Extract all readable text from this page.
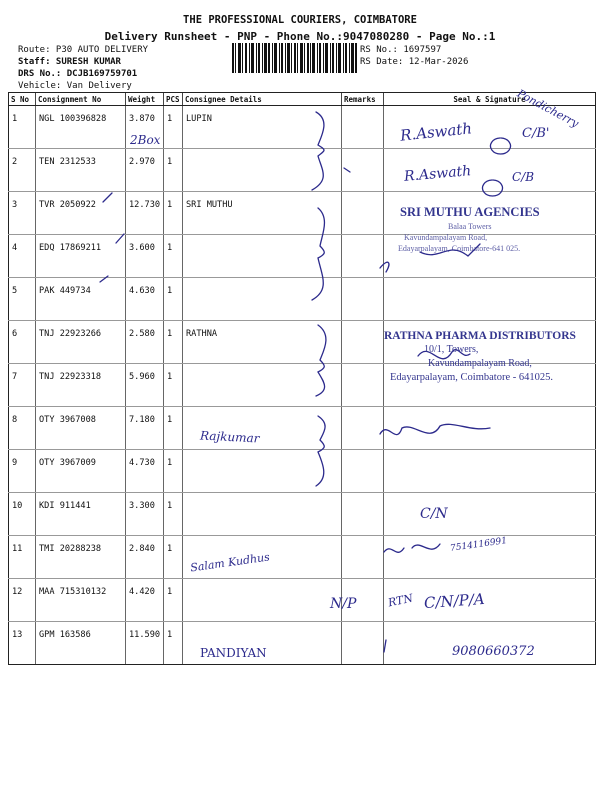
THE PROFESSIONAL COURIERS, COIMBATORE
Delivery Runsheet - PNP - Phone No.:9047080280 - Page No.:1
Route: P30 AUTO DELIVERY
Staff: SURESH KUMAR
DRS No.: DCJB169759701
Vehicle: Van Delivery
RS No.: 1697597
RS Date: 12-Mar-2026
S No	Consignment No	Weight	PCS	Consignee Details	Remarks	Seal & Signature
1	NGL 100396828	3.870	1	LUPIN		
2	TEN 2312533	2.970	1			
3	TVR 2050922	12.730	1	SRI MUTHU		
4	EDQ 17869211	3.600	1			
5	PAK 449734	4.630	1			
6	TNJ 22923266	2.580	1	RATHNA		
7	TNJ 22923318	5.960	1			
8	OTY 3967008	7.180	1			
9	OTY 3967009	4.730	1			
10	KDI 911441	3.300	1			
11	TMI 20288238	2.840	1			
12	MAA 715310132	4.420	1			
13	GPM 163586	11.590	1			
Pondicherry
2Box	R.Aswath	C/B'
R.Aswath	C/B
Rajkumar
C/N
7514116991
Salam Kudhus
N/P	RTN C/N/P/A
PANDIYAN	9080660372
SRI MUTHU AGENCIES
Balaa Towers
Kavundampalayam Road,
Edayarpalayam, Coimbatore-641 025.
RATHNA PHARMA DISTRIBUTORS
10/1, Towers,
Kavundampalayam Road,
Edayarpalayam, Coimbatore - 641025.
